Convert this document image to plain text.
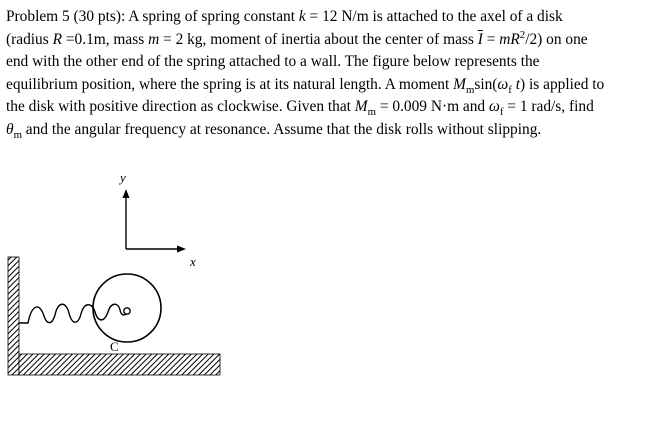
Problem 5 (30 pts): A spring of spring constant k = 12 N/m is attached to the axel of a disk
(radius R =0.1m, mass m = 2 kg, moment of inertia about the center of mass $\overline{I} = mR^2/2$) on one
end with the other end of the spring attached to a wall. The figure below represents the
equilibrium position, where the spring is at its natural length. A moment $M_m\sin(\omega_f$ t) is applied to
the disk with positive direction as clockwise. Given that $M_m = 0.009$ N·m and $\omega_f = 1$ rad/s, find
$\theta_m$ and the angular frequency at resonance. Assume that the disk rolls without slipping.
y
x
C
